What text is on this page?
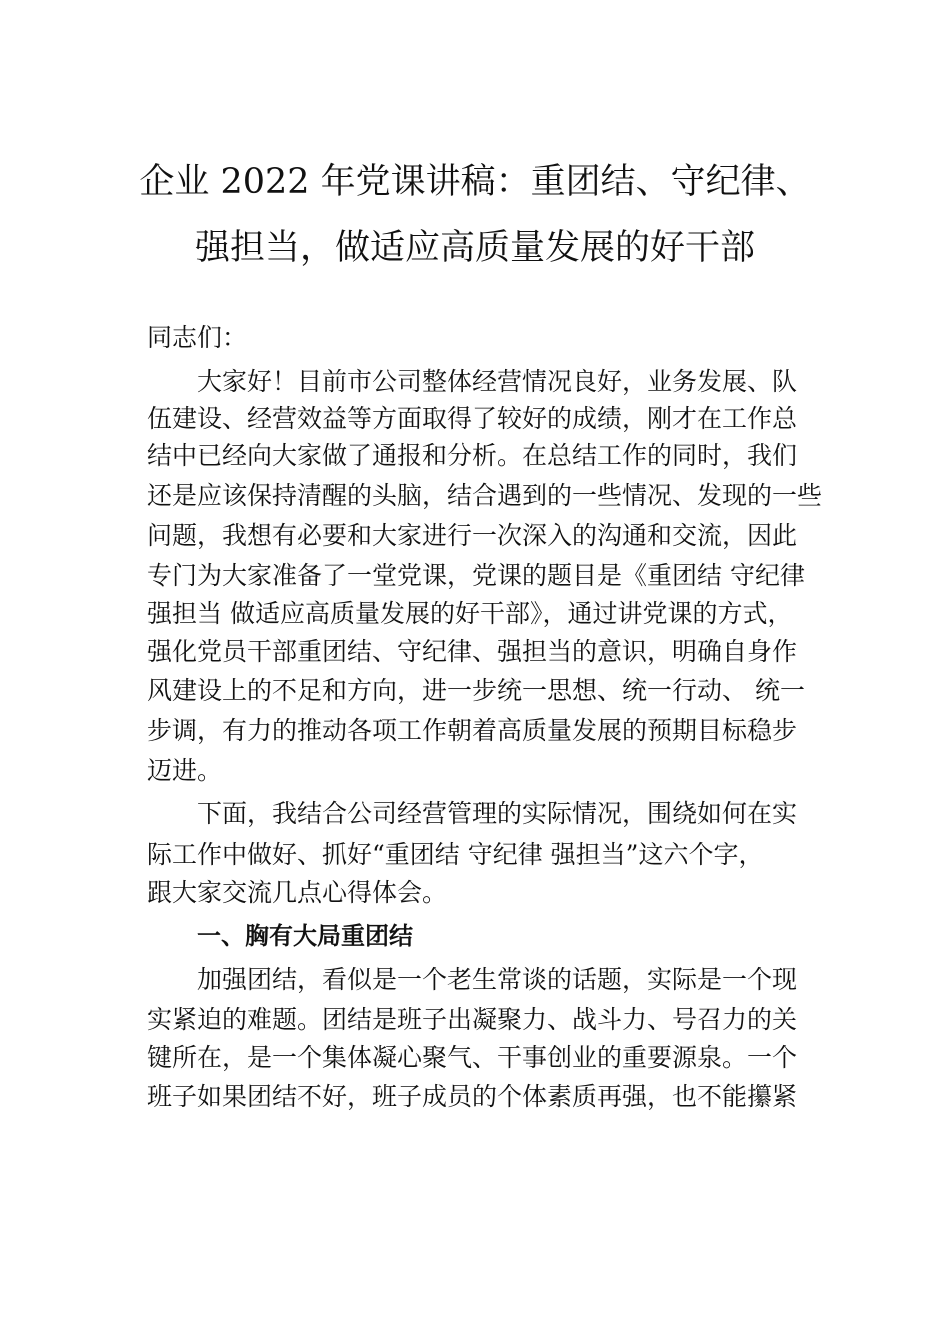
企业 2022 年党课讲稿：重团结、守纪律、
强担当，做适应高质量发展的好干部
同志们：
大家好！目前市公司整体经营情况良好，业务发展、队
伍建设、经营效益等方面取得了较好的成绩，刚才在工作总
结中已经向大家做了通报和分析。在总结工作的同时，我们
还是应该保持清醒的头脑，结合遇到的一些情况、发现的一些
问题，我想有必要和大家进行一次深入的沟通和交流，因此
专门为大家准备了一堂党课，党课的题目是《重团结 守纪律
强担当 做适应高质量发展的好干部》，通过讲党课的方式，
强化党员干部重团结、守纪律、强担当的意识，明确自身作
风建设上的不足和方向，进一步统一思想、统一行动、 统一
步调，有力的推动各项工作朝着高质量发展的预期目标稳步
迈进。
下面，我结合公司经营管理的实际情况，围绕如何在实
际工作中做好、抓好“重团结 守纪律 强担当”这六个字，
跟大家交流几点心得体会。
一、胸有大局重团结
加强团结，看似是一个老生常谈的话题，实际是一个现
实紧迫的难题。团结是班子出凝聚力、战斗力、号召力的关
键所在，是一个集体凝心聚气、干事创业的重要源泉。一个
班子如果团结不好，班子成员的个体素质再强，也不能攥紧
